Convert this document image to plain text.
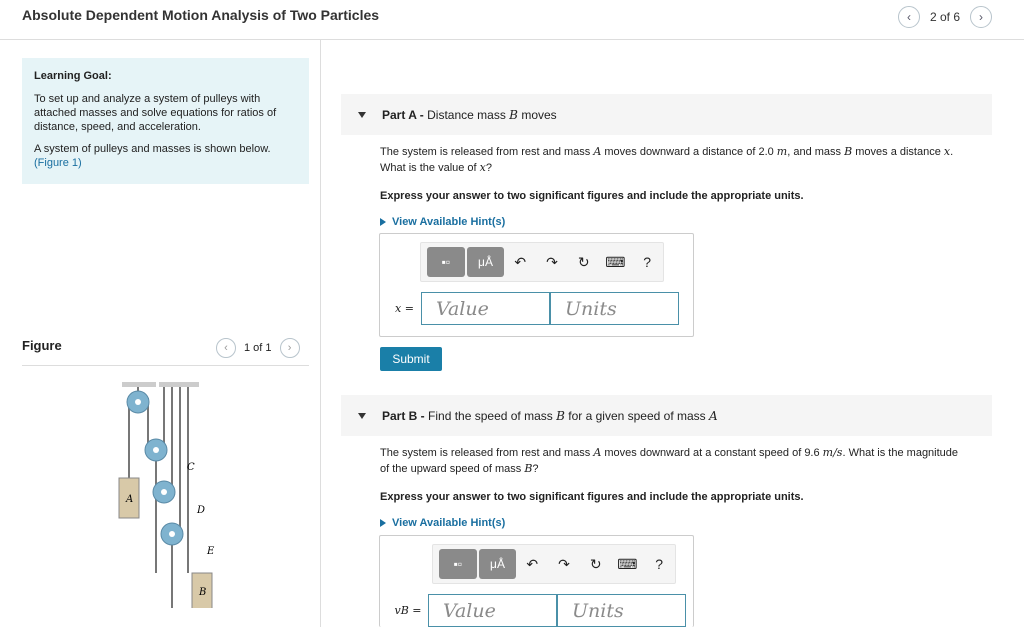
Absolute Dependent Motion Analysis of Two Particles	‹ 2 of 6 ›
Learning Goal:

To set up and analyze a system of pulleys with attached masses and solve equations for ratios of distance, speed, and acceleration.

A system of pulleys and masses is shown below.
(Figure 1)

Figure	‹ 1 of 1 ›
A
B
C
D
E
Part A - Distance mass B moves
The system is released from rest and mass A moves downward a distance of 2.0 m, and mass B moves a distance x.
What is the value of x?
Express your answer to two significant figures and include the appropriate units.
View Available Hint(s)
▪▫ μÅ	↶	↷	↻	⌨	?
x =	Value	Units
Submit
Part B - Find the speed of mass B for a given speed of mass A
The system is released from rest and mass A moves downward at a constant speed of 9.6 m/s. What is the magnitude
of the upward speed of mass B?
Express your answer to two significant figures and include the appropriate units.
View Available Hint(s)
▪▫ μÅ	↶	↷	↻	⌨	?
vB =	Value	Units
